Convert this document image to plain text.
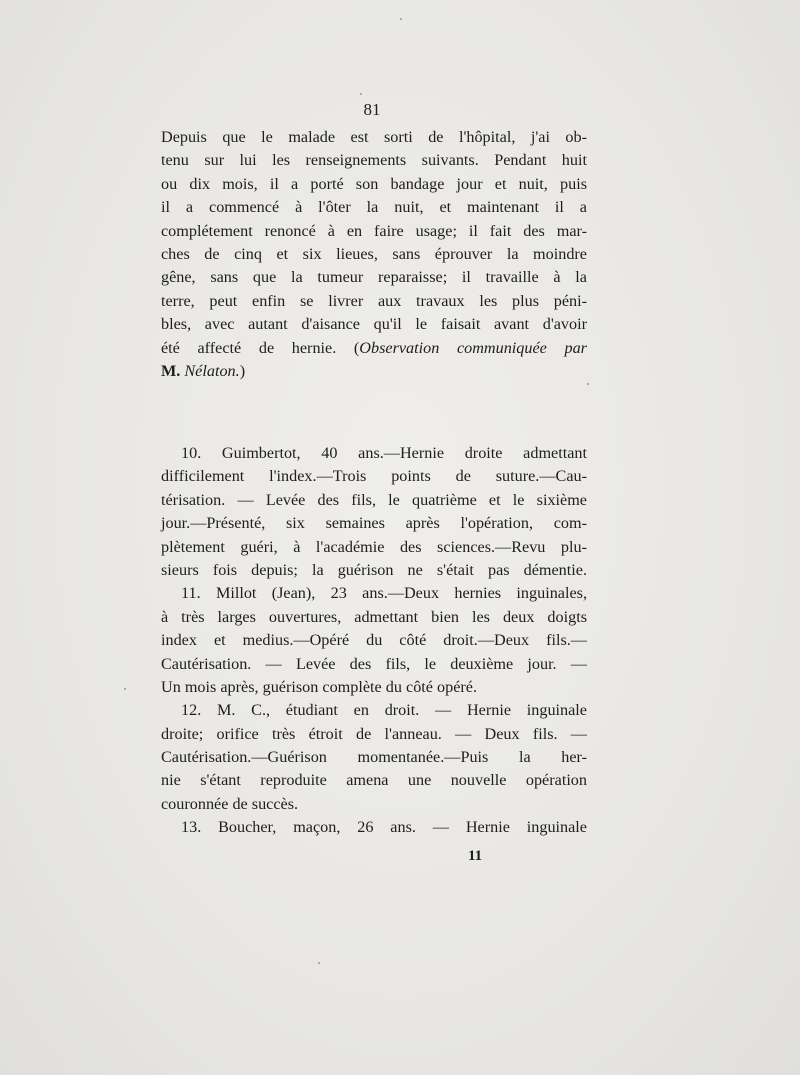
81
Depuis que le malade est sorti de l'hôpital, j'ai ob-
tenu sur lui les renseignements suivants. Pendant huit
ou dix mois, il a porté son bandage jour et nuit, puis
il a commencé à l'ôter la nuit, et maintenant il a
complétement renoncé à en faire usage; il fait des mar-
ches de cinq et six lieues, sans éprouver la moindre
gêne, sans que la tumeur reparaisse; il travaille à la
terre, peut enfin se livrer aux travaux les plus péni-
bles, avec autant d'aisance qu'il le faisait avant d'avoir
été affecté de hernie. (Observation communiquée par
M. Nélaton.)
10. Guimbertot, 40 ans.—Hernie droite admettant
difficilement l'index.—Trois points de suture.—Cau-
térisation. — Levée des fils, le quatrième et le sixième
jour.—Présenté, six semaines après l'opération, com-
plètement guéri, à l'académie des sciences.—Revu plu-
sieurs fois depuis; la guérison ne s'était pas démentie.
11. Millot (Jean), 23 ans.—Deux hernies inguinales,
à très larges ouvertures, admettant bien les deux doigts
index et medius.—Opéré du côté droit.—Deux fils.—
Cautérisation. — Levée des fils, le deuxième jour. —
Un mois après, guérison complète du côté opéré.
12. M. C., étudiant en droit. — Hernie inguinale
droite; orifice très étroit de l'anneau. — Deux fils. —
Cautérisation.—Guérison momentanée.—Puis la her-
nie s'étant reproduite amena une nouvelle opération
couronnée de succès.
13. Boucher, maçon, 26 ans. — Hernie inguinale
11
